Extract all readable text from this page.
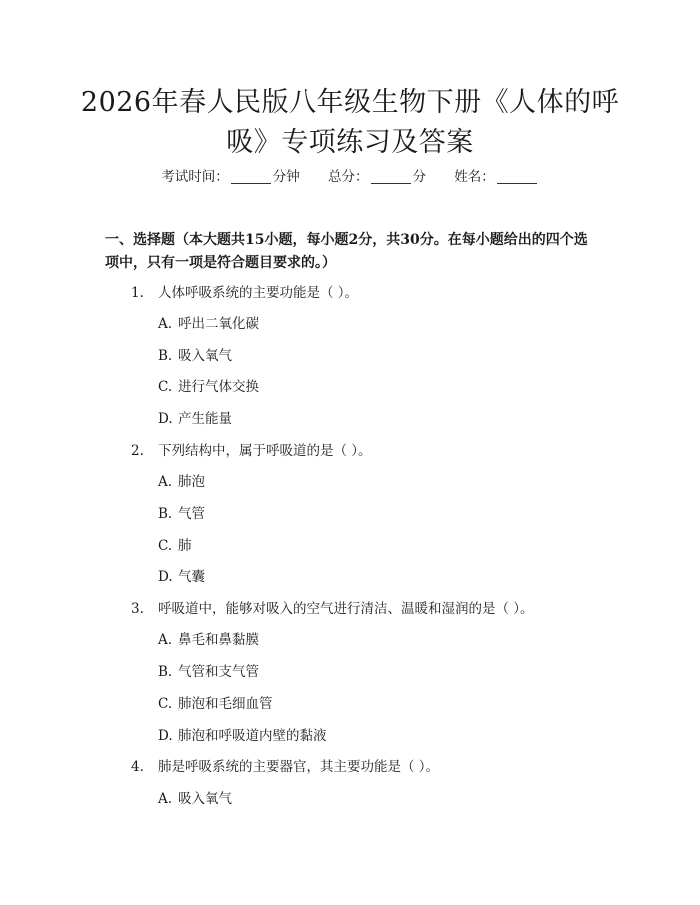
2026年春人民版八年级生物下册《人体的呼
吸》专项练习及答案
考试时间：	分钟 总分：	分 姓名：
一、选择题（本大题共15小题，每小题2分，共30分。在每小题给出的四个选
项中，只有一项是符合题目要求的。）
1. 人体呼吸系统的主要功能是（ ）。
A. 呼出二氧化碳
B. 吸入氧气
C. 进行气体交换
D. 产生能量
2. 下列结构中，属于呼吸道的是（ ）。
A. 肺泡
B. 气管
C. 肺
D. 气囊
3. 呼吸道中，能够对吸入的空气进行清洁、温暖和湿润的是（ ）。
A. 鼻毛和鼻黏膜
B. 气管和支气管
C. 肺泡和毛细血管
D. 肺泡和呼吸道内壁的黏液
4. 肺是呼吸系统的主要器官，其主要功能是（ ）。
A. 吸入氧气
